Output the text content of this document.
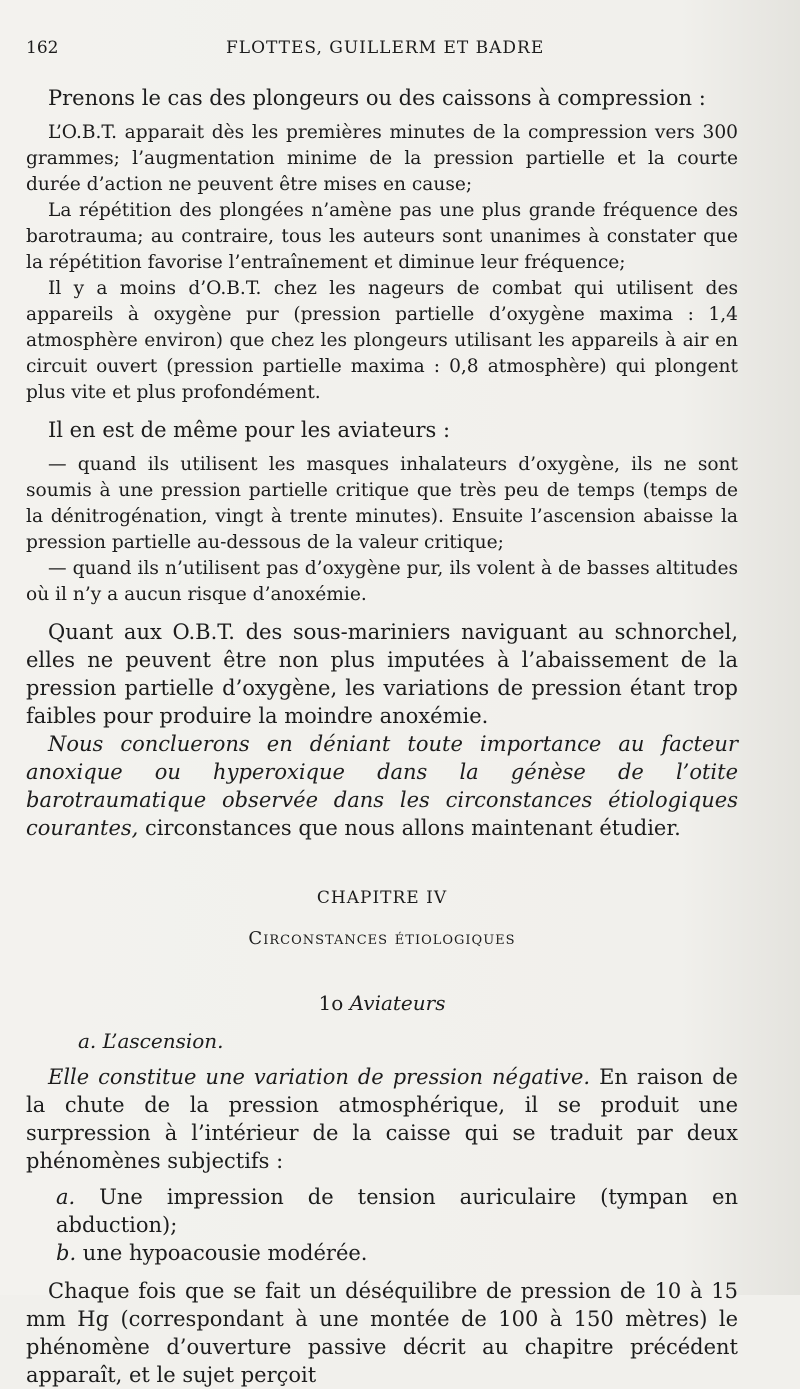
162	FLOTTES, GUILLERM ET BADRE

Prenons le cas des plongeurs ou des caissons à compression :

L’O.B.T. apparait dès les premières minutes de la compression vers 300 grammes; l’augmentation minime de la pression partielle et la courte durée d’action ne peuvent être mises en cause;

La répétition des plongées n’amène pas une plus grande fréquence des barotrauma; au contraire, tous les auteurs sont unanimes à constater que la répétition favorise l’entraînement et diminue leur fréquence;

Il y a moins d’O.B.T. chez les nageurs de combat qui utilisent des appareils à oxygène pur (pression partielle d’oxygène maxima : 1,4 atmosphère environ) que chez les plongeurs utilisant les appareils à air en circuit ouvert (pression partielle maxima : 0,8 atmosphère) qui plongent plus vite et plus profondément.

Il en est de même pour les aviateurs :

— quand ils utilisent les masques inhalateurs d’oxygène, ils ne sont soumis à une pression partielle critique que très peu de temps (temps de la dénitrogénation, vingt à trente minutes). Ensuite l’ascension abaisse la pression partielle au-dessous de la valeur critique;

— quand ils n’utilisent pas d’oxygène pur, ils volent à de basses altitudes où il n’y a aucun risque d’anoxémie.

Quant aux O.B.T. des sous-mariniers naviguant au schnorchel, elles ne peuvent être non plus imputées à l’abaissement de la pression partielle d’oxygène, les variations de pression étant trop faibles pour produire la moindre anoxémie.

Nous concluerons en déniant toute importance au facteur anoxique ou hyperoxique dans la génèse de l’otite barotraumatique observée dans les circonstances étiologiques courantes, circonstances que nous allons maintenant étudier.

CHAPITRE IV
Circonstances étiologiques
1o Aviateurs
a. L’ascension.

Elle constitue une variation de pression négative. En raison de la chute de la pression atmosphérique, il se produit une surpression à l’intérieur de la caisse qui se traduit par deux phénomènes subjectifs :

a. Une impression de tension auriculaire (tympan en abduction);

b. une hypoacousie modérée.

Chaque fois que se fait un déséquilibre de pression de 10 à 15 mm Hg (correspondant à une montée de 100 à 150 mètres) le phénomène d’ouverture passive décrit au chapitre précédent apparaît, et le sujet perçoit
